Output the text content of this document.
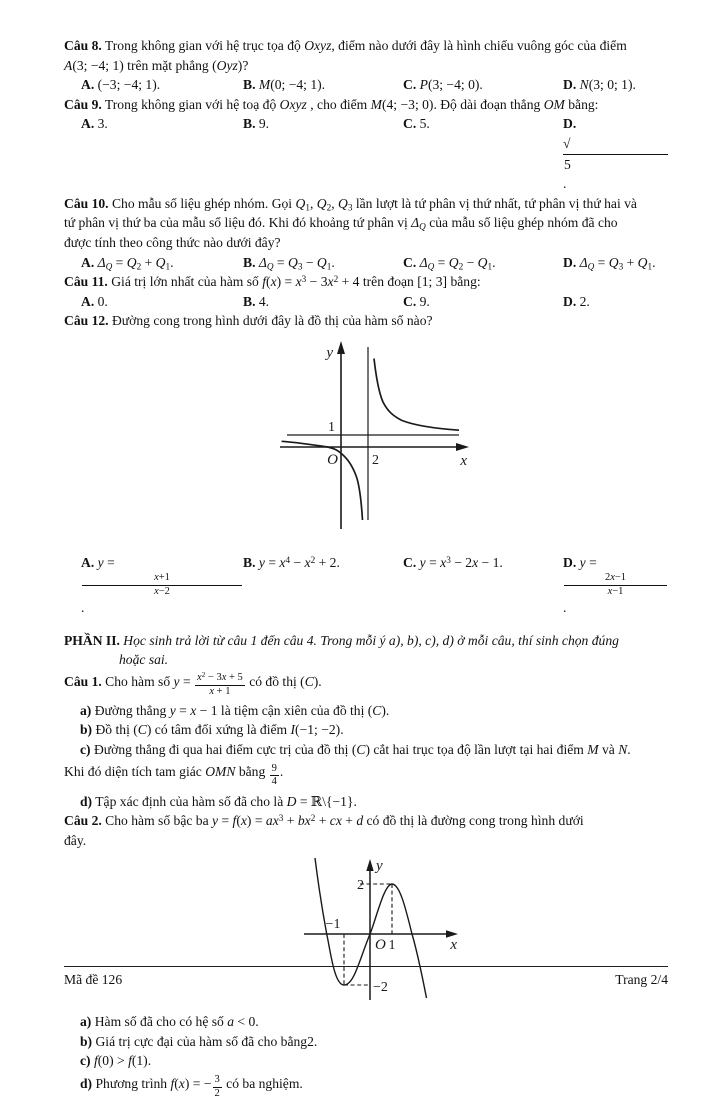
Câu 8. Trong không gian với hệ trục tọa độ Oxyz, điểm nào dưới đây là hình chiếu vuông góc của điểm

A(3; −4; 1) trên mặt phẳng (Oyz)?

A. (−3; −4; 1).	B. M(0; −4; 1).	C. P(3; −4; 0).	D. N(3; 0; 1).

Câu 9. Trong không gian với hệ toạ độ Oxyz , cho điểm M(4; −3; 0). Độ dài đoạn thẳng OM bằng:

A. 3.	B. 9.	C. 5.	D.
√
5
.

Câu 10. Cho mẫu số liệu ghép nhóm. Gọi $Q_1$, $Q_2$, $Q_3$ lần lượt là tứ phân vị thứ nhất, tứ phân vị thứ hai và

tứ phân vị thứ ba của mẫu số liệu đó. Khi đó khoảng tứ phân vị $\Delta_Q$ của mẫu số liệu ghép nhóm đã cho

được tính theo công thức nào dưới đây?

A. $\Delta_Q = Q_2 + Q_1$.	B. $\Delta_Q = Q_3 - Q_1$.	C. $\Delta_Q = Q_2 - Q_1$.	D. $\Delta_Q = Q_3 + Q_1$.

Câu 11. Giá trị lớn nhất của hàm số $f(x) = x^3 - 3x^2 + 4$ trên đoạn [1; 3] bằng:

A. 0.	B. 4.	C. 9.	D. 2.

Câu 12. Đường cong trong hình dưới đây là đồ thị của hàm số nào?

y
x
1
2
O
A. y =
x+1
x−2
.
B. $y = x^4 - x^2 + 2$.	C. $y = x^3 - 2x - 1$.	D. y =
2x−1
x−1
.

PHẦN II. Học sinh trả lời từ câu 1 đến câu 4. Trong mỗi ý a), b), c), d) ở mỗi câu, thí sinh chọn đúng

hoặc sai.

Câu 1. Cho hàm số $y = \frac{x^2 - 3x + 5}{x + 1}$ có đồ thị (C).

a) Đường thẳng y = x − 1 là tiệm cận xiên của đồ thị (C).

b) Đồ thị (C) có tâm đối xứng là điểm I(−1; −2).

c) Đường thẳng đi qua hai điểm cực trị của đồ thị (C) cắt hai trục tọa độ lần lượt tại hai điểm M và N.

Khi đó diện tích tam giác OMN bằng $\frac{9}{4}$ .

d) Tập xác định của hàm số đã cho là D = ℝ\{−1}.

Câu 2. Cho hàm số bậc ba $y = f(x) = ax^3 + bx^2$ + cx + d có đồ thị là đường cong trong hình dưới

đây.

y
x
2
−1
O 1
−2

a) Hàm số đã cho có hệ số a < 0.

b) Giá trị cực đại của hàm số đã cho bằng2.

c) f(0) > f(1).

d) Phương trình f(x) = − $\frac{3}{2}$ có ba nghiệm.

Mã đề 126	Trang 2/4
